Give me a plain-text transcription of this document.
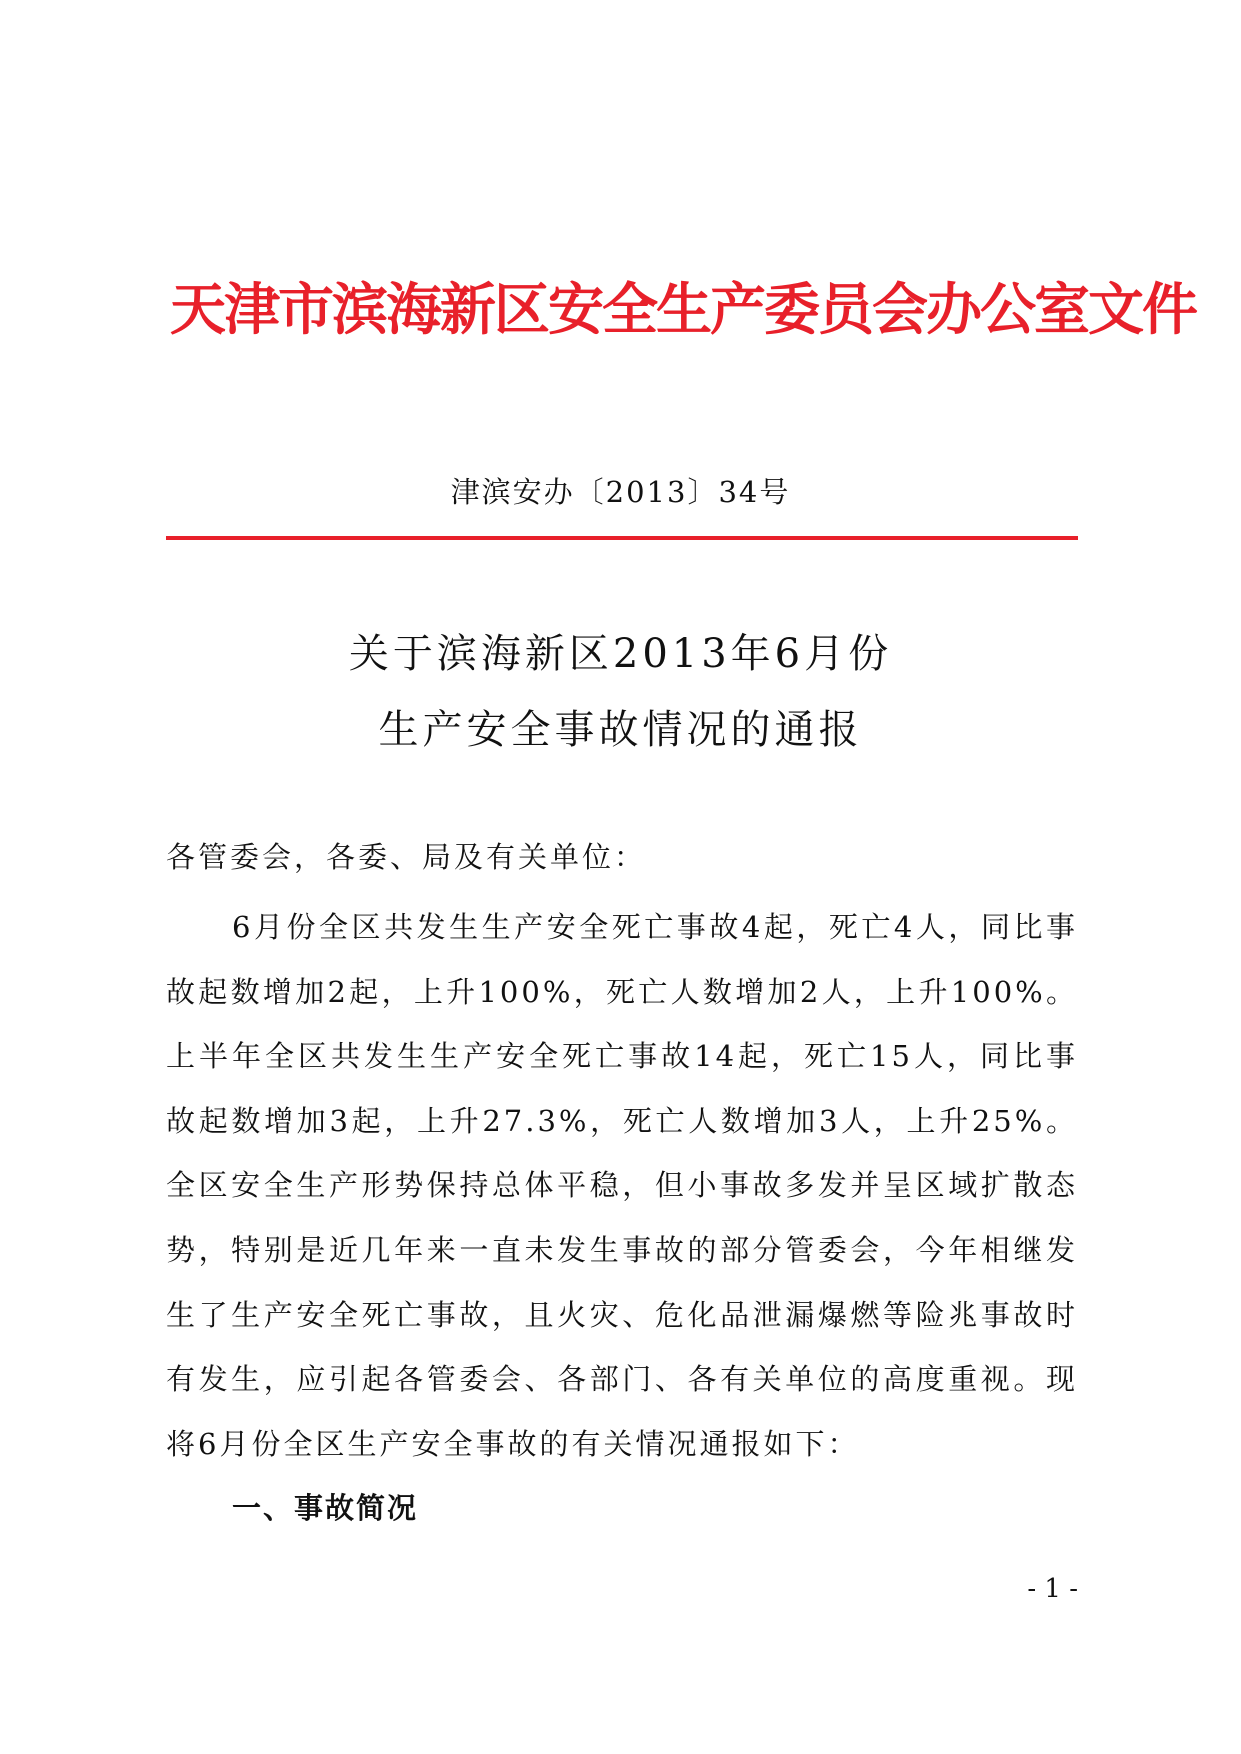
天津市滨海新区安全生产委员会办公室文件
津滨安办〔2013〕34号
关于滨海新区2013年6月份
生产安全事故情况的通报
各管委会，各委、局及有关单位：
6月份全区共发生生产安全死亡事故4起，死亡4人，同比事故起数增加2起，上升100%，死亡人数增加2人，上升100%。上半年全区共发生生产安全死亡事故14起，死亡15人，同比事故起数增加3起，上升27.3%，死亡人数增加3人，上升25%。全区安全生产形势保持总体平稳，但小事故多发并呈区域扩散态势，特别是近几年来一直未发生事故的部分管委会，今年相继发生了生产安全死亡事故，且火灾、危化品泄漏爆燃等险兆事故时有发生，应引起各管委会、各部门、各有关单位的高度重视。现将6月份全区生产安全事故的有关情况通报如下：
一、事故简况
- 1 -
